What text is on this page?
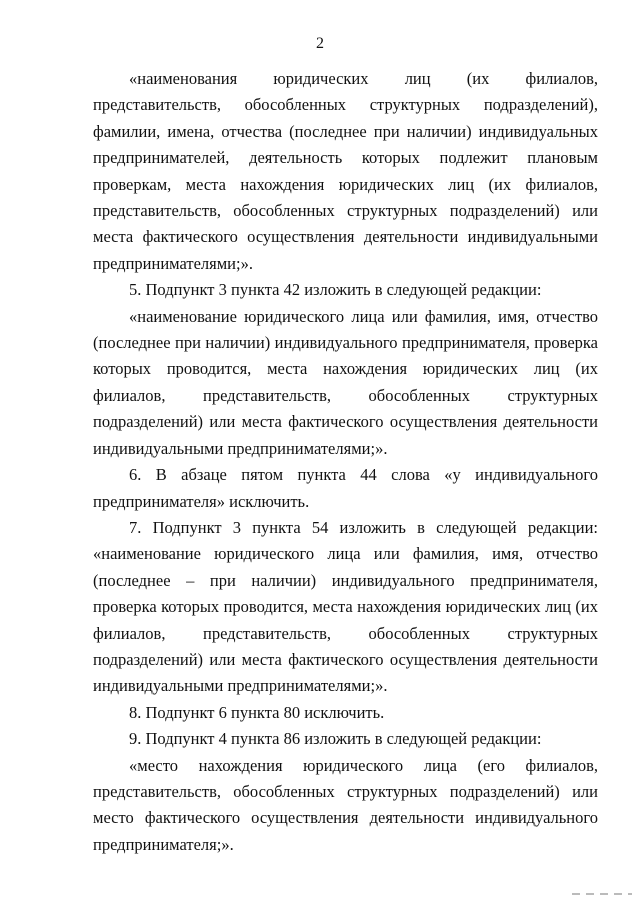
2

«наименования юридических лиц (их филиалов, представительств, обособленных структурных подразделений), фамилии, имена, отчества (последнее при наличии) индивидуальных предпринимателей, деятельность которых подлежит плановым проверкам, места нахождения юридических лиц (их филиалов, представительств, обособленных структурных подразделений) или места фактического осуществления деятельности индивидуальными предпринимателями;».

5. Подпункт 3 пункта 42 изложить в следующей редакции:

«наименование юридического лица или фамилия, имя, отчество (последнее при наличии) индивидуального предпринимателя, проверка которых проводится, места нахождения юридических лиц (их филиалов, представительств, обособленных структурных подразделений) или места фактического осуществления деятельности индивидуальными предпринимателями;».

6. В абзаце пятом пункта 44 слова «у индивидуального предпринимателя» исключить.

7. Подпункт 3 пункта 54 изложить в следующей редакции: «наименование юридического лица или фамилия, имя, отчество (последнее – при наличии) индивидуального предпринимателя, проверка которых проводится, места нахождения юридических лиц (их филиалов, представительств, обособленных структурных подразделений) или места фактического осуществления деятельности индивидуальными предпринимателями;».

8. Подпункт 6 пункта 80 исключить.

9. Подпункт 4 пункта 86 изложить в следующей редакции:

«место нахождения юридического лица (его филиалов, представительств, обособленных структурных подразделений) или место фактического осуществления деятельности индивидуального предпринимателя;».
